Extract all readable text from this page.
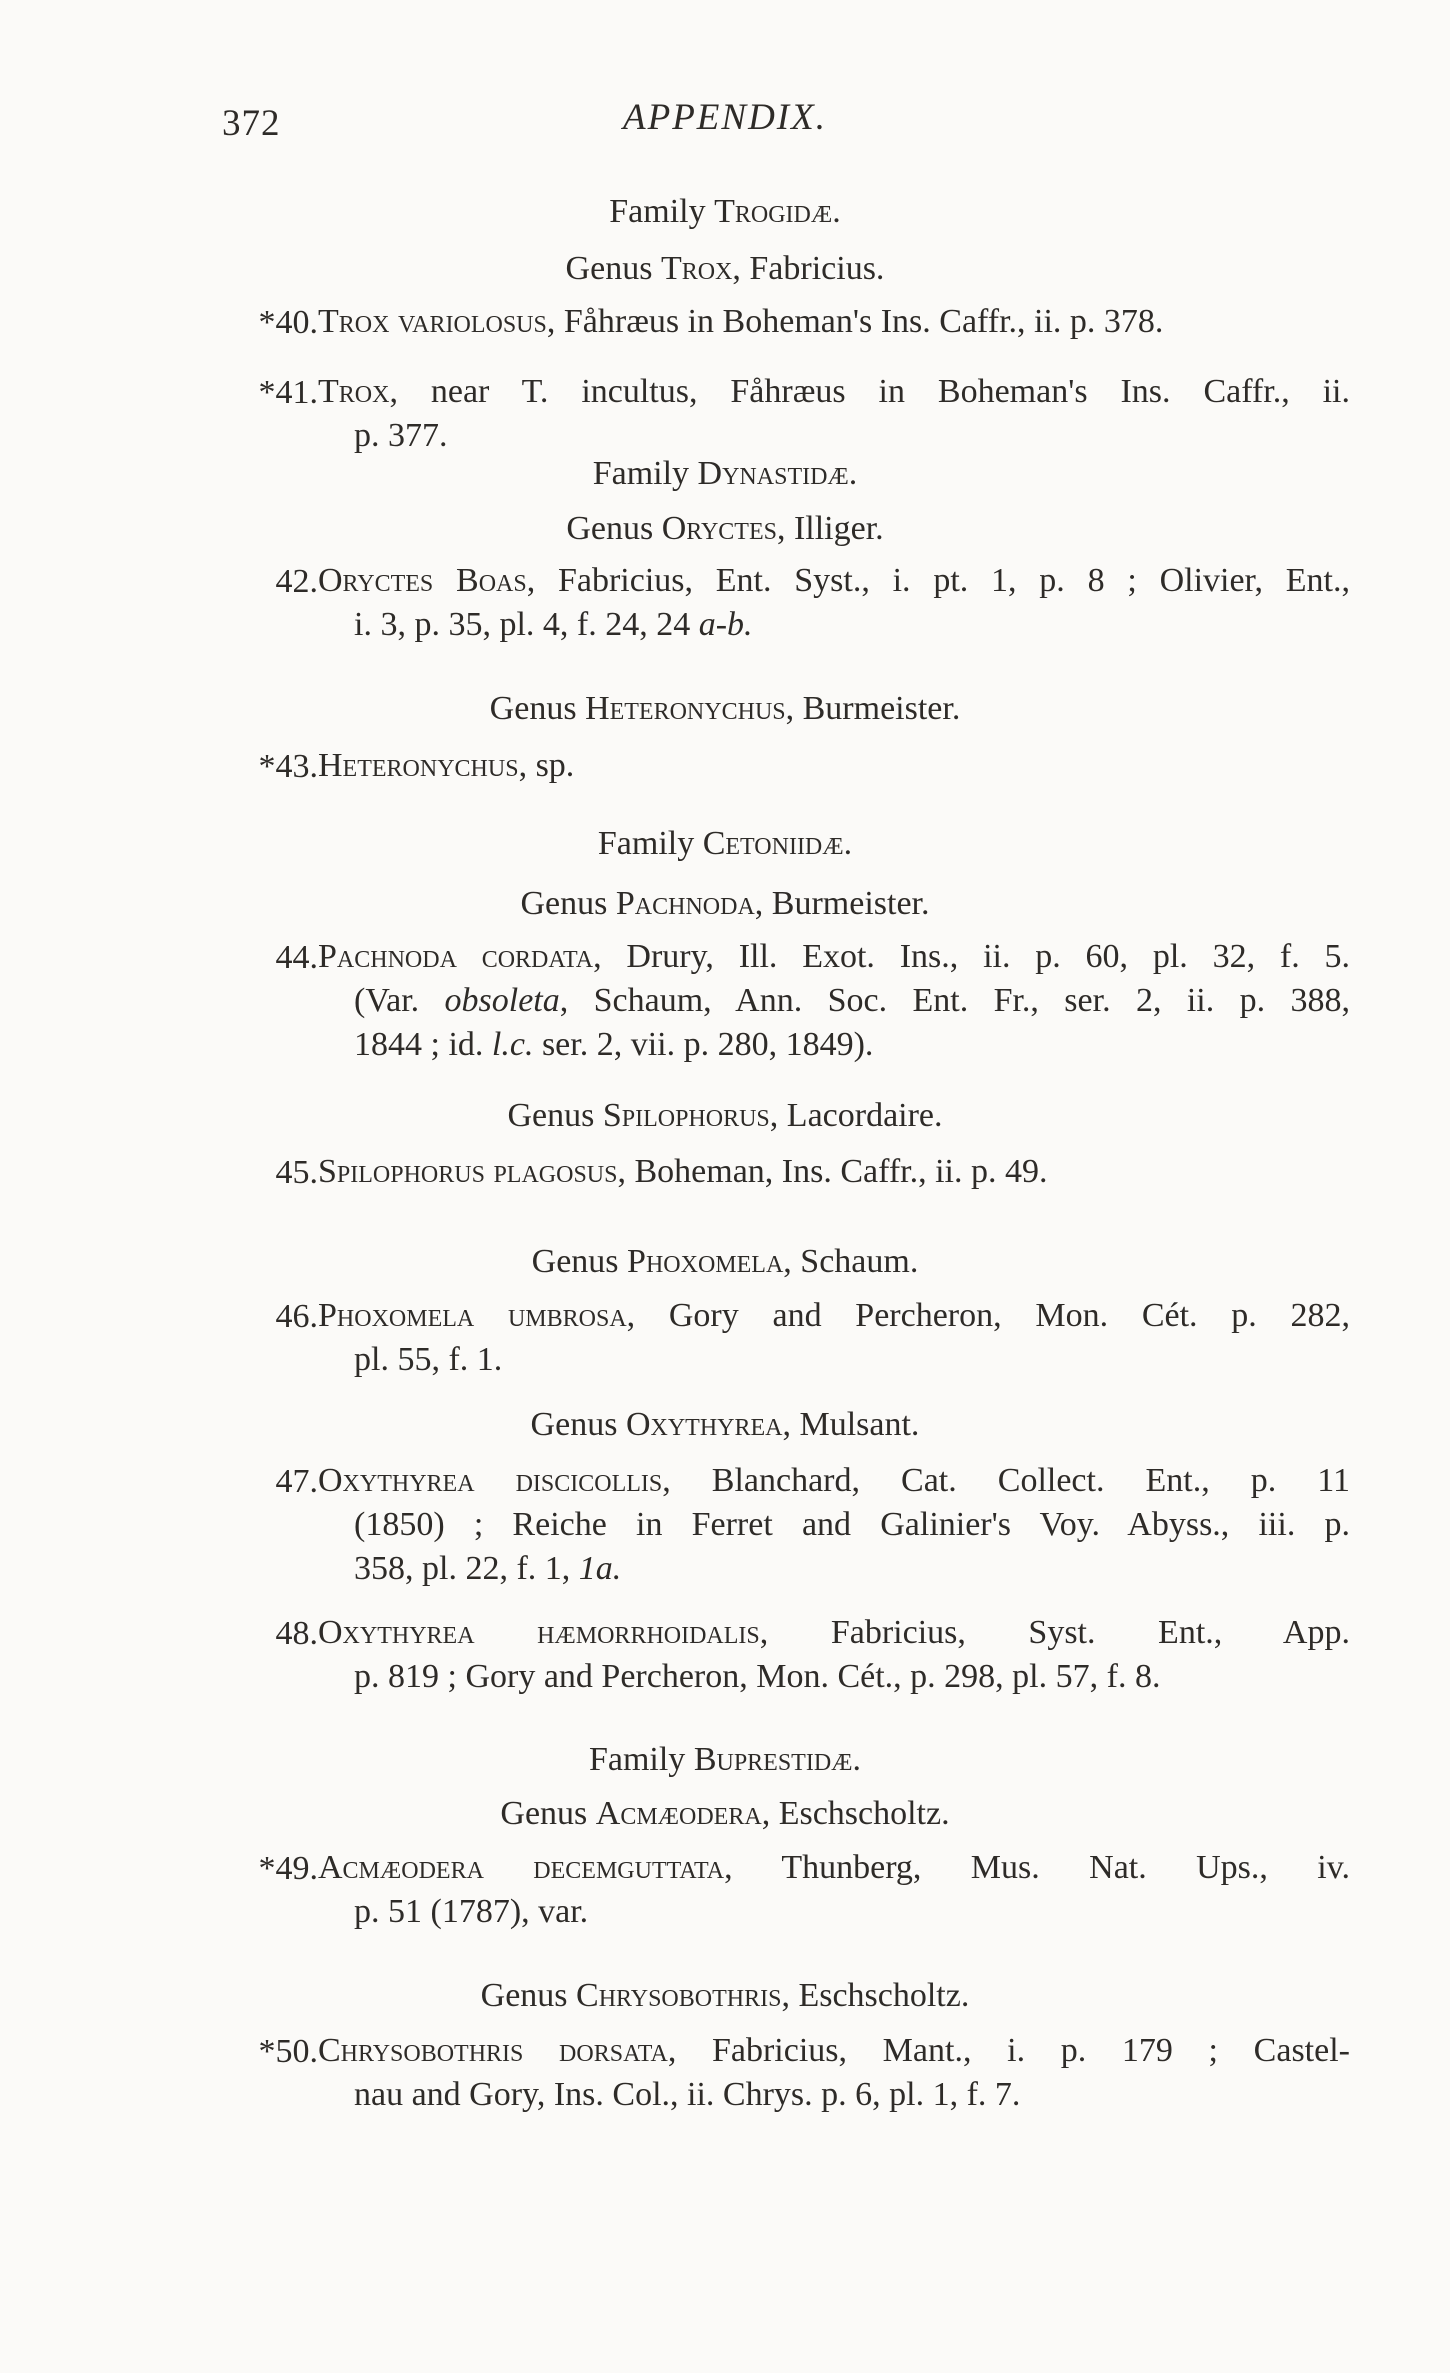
372	APPENDIX.
Family Trogidæ.
Genus Trox, Fabricius.
*40. Trox variolosus, Fåhræus in Boheman's Ins. Caffr., ii. p. 378.
*41. Trox, near T. incultus, Fåhræus in Boheman's Ins. Caffr., ii.
p. 377.
Family Dynastidæ.
Genus Oryctes, Illiger.
42. Oryctes Boas, Fabricius, Ent. Syst., i. pt. 1, p. 8 ; Olivier, Ent.,
i. 3, p. 35, pl. 4, f. 24, 24 a-b.
Genus Heteronychus, Burmeister.
*43. Heteronychus, sp.
Family Cetoniidæ.
Genus Pachnoda, Burmeister.
44. Pachnoda cordata, Drury, Ill. Exot. Ins., ii. p. 60, pl. 32, f. 5.
(Var. obsoleta, Schaum, Ann. Soc. Ent. Fr., ser. 2, ii. p. 388,
1844 ; id. l.c. ser. 2, vii. p. 280, 1849).
Genus Spilophorus, Lacordaire.
45. Spilophorus plagosus, Boheman, Ins. Caffr., ii. p. 49.
Genus Phoxomela, Schaum.
46. Phoxomela umbrosa, Gory and Percheron, Mon. Cét. p. 282,
pl. 55, f. 1.
Genus Oxythyrea, Mulsant.
47. Oxythyrea discicollis, Blanchard, Cat. Collect. Ent., p. 11
(1850) ; Reiche in Ferret and Galinier's Voy. Abyss., iii. p.
358, pl. 22, f. 1, 1a.
48. Oxythyrea hæmorrhoidalis, Fabricius, Syst. Ent., App.
p. 819 ; Gory and Percheron, Mon. Cét., p. 298, pl. 57, f. 8.
Family Buprestidæ.
Genus Acmæodera, Eschscholtz.
*49. Acmæodera decemguttata, Thunberg, Mus. Nat. Ups., iv.
p. 51 (1787), var.
Genus Chrysobothris, Eschscholtz.
*50. Chrysobothris dorsata, Fabricius, Mant., i. p. 179 ; Castel-
nau and Gory, Ins. Col., ii. Chrys. p. 6, pl. 1, f. 7.
